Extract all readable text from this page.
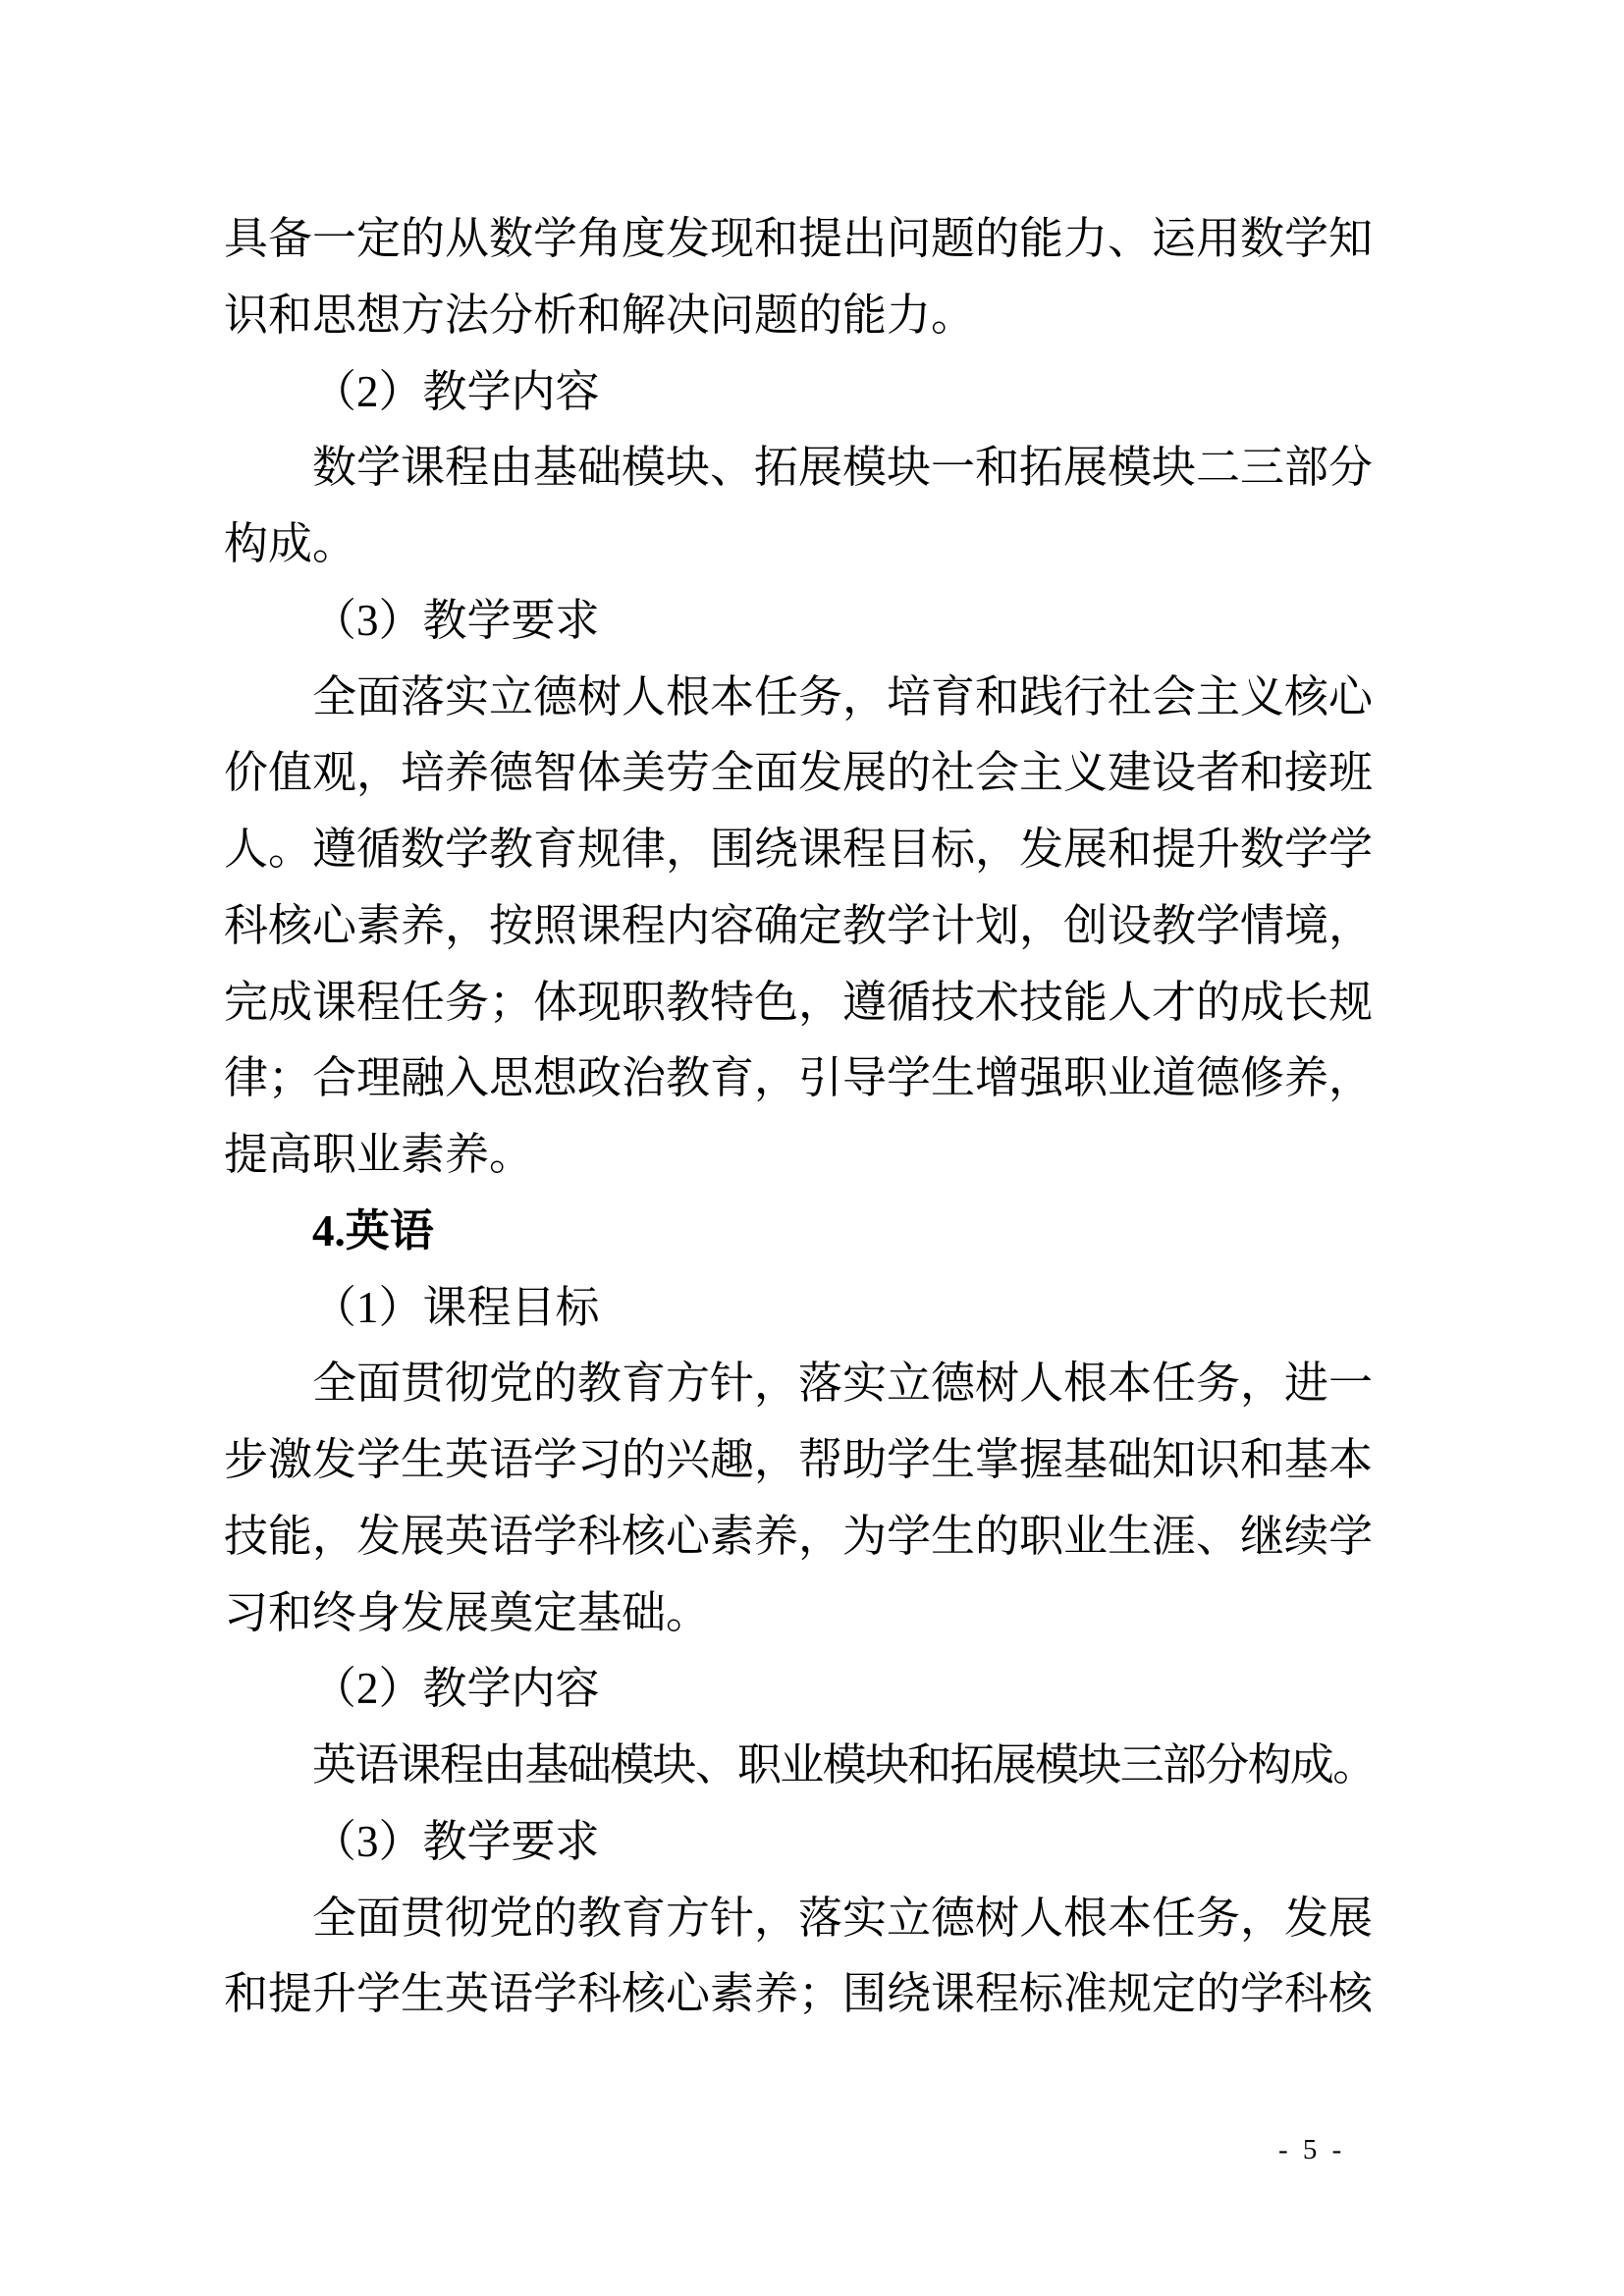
具备一定的从数学角度发现和提出问题的能力、运用数学知
识和思想方法分析和解决问题的能力。
（2）教学内容
数学课程由基础模块、拓展模块一和拓展模块二三部分
构成。
（3）教学要求
全面落实立德树人根本任务，培育和践行社会主义核心
价值观，培养德智体美劳全面发展的社会主义建设者和接班
人。遵循数学教育规律，围绕课程目标，发展和提升数学学
科核心素养，按照课程内容确定教学计划，创设教学情境，
完成课程任务；体现职教特色，遵循技术技能人才的成长规
律；合理融入思想政治教育，引导学生增强职业道德修养，
提高职业素养。
4.英语
（1）课程目标
全面贯彻党的教育方针，落实立德树人根本任务，进一
步激发学生英语学习的兴趣，帮助学生掌握基础知识和基本
技能，发展英语学科核心素养，为学生的职业生涯、继续学
习和终身发展奠定基础。
（2）教学内容
英语课程由基础模块、职业模块和拓展模块三部分构成。
（3）教学要求
全面贯彻党的教育方针，落实立德树人根本任务，发展
和提升学生英语学科核心素养；围绕课程标准规定的学科核
- 5 -
